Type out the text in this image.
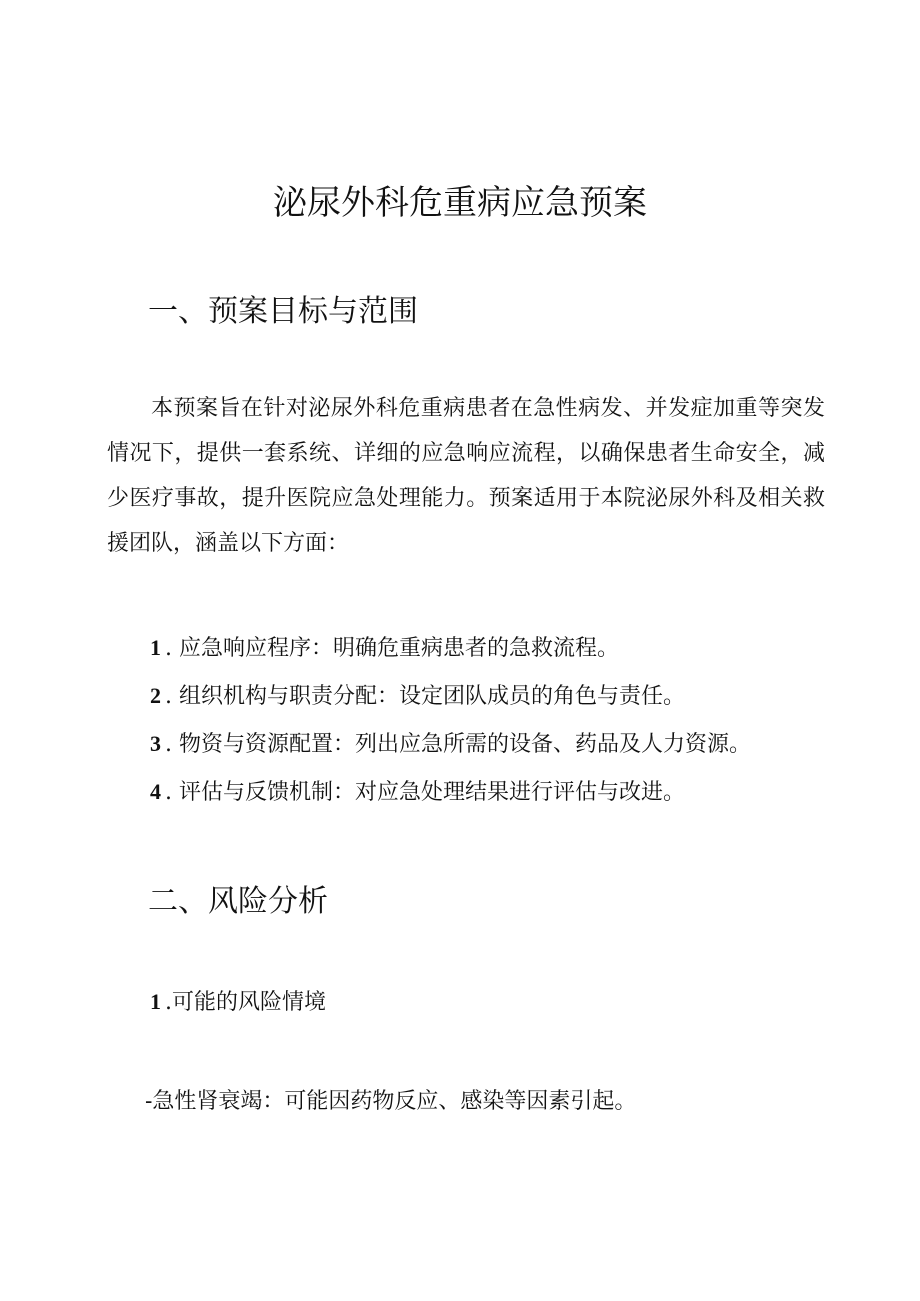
泌尿外科危重病应急预案
一、预案目标与范围

本预案旨在针对泌尿外科危重病患者在急性病发、并发症加重等突发情况下，提供一套系统、详细的应急响应流程，以确保患者生命安全，减少医疗事故，提升医院应急处理能力。预案适用于本院泌尿外科及相关救援团队，涵盖以下方面：

1 . 应急响应程序：明确危重病患者的急救流程。
2 . 组织机构与职责分配：设定团队成员的角色与责任。
3 . 物资与资源配置：列出应急所需的设备、药品及人力资源。
4 . 评估与反馈机制：对应急处理结果进行评估与改进。
二、风险分析

1 .可能的风险情境

-急性肾衰竭：可能因药物反应、感染等因素引起。
